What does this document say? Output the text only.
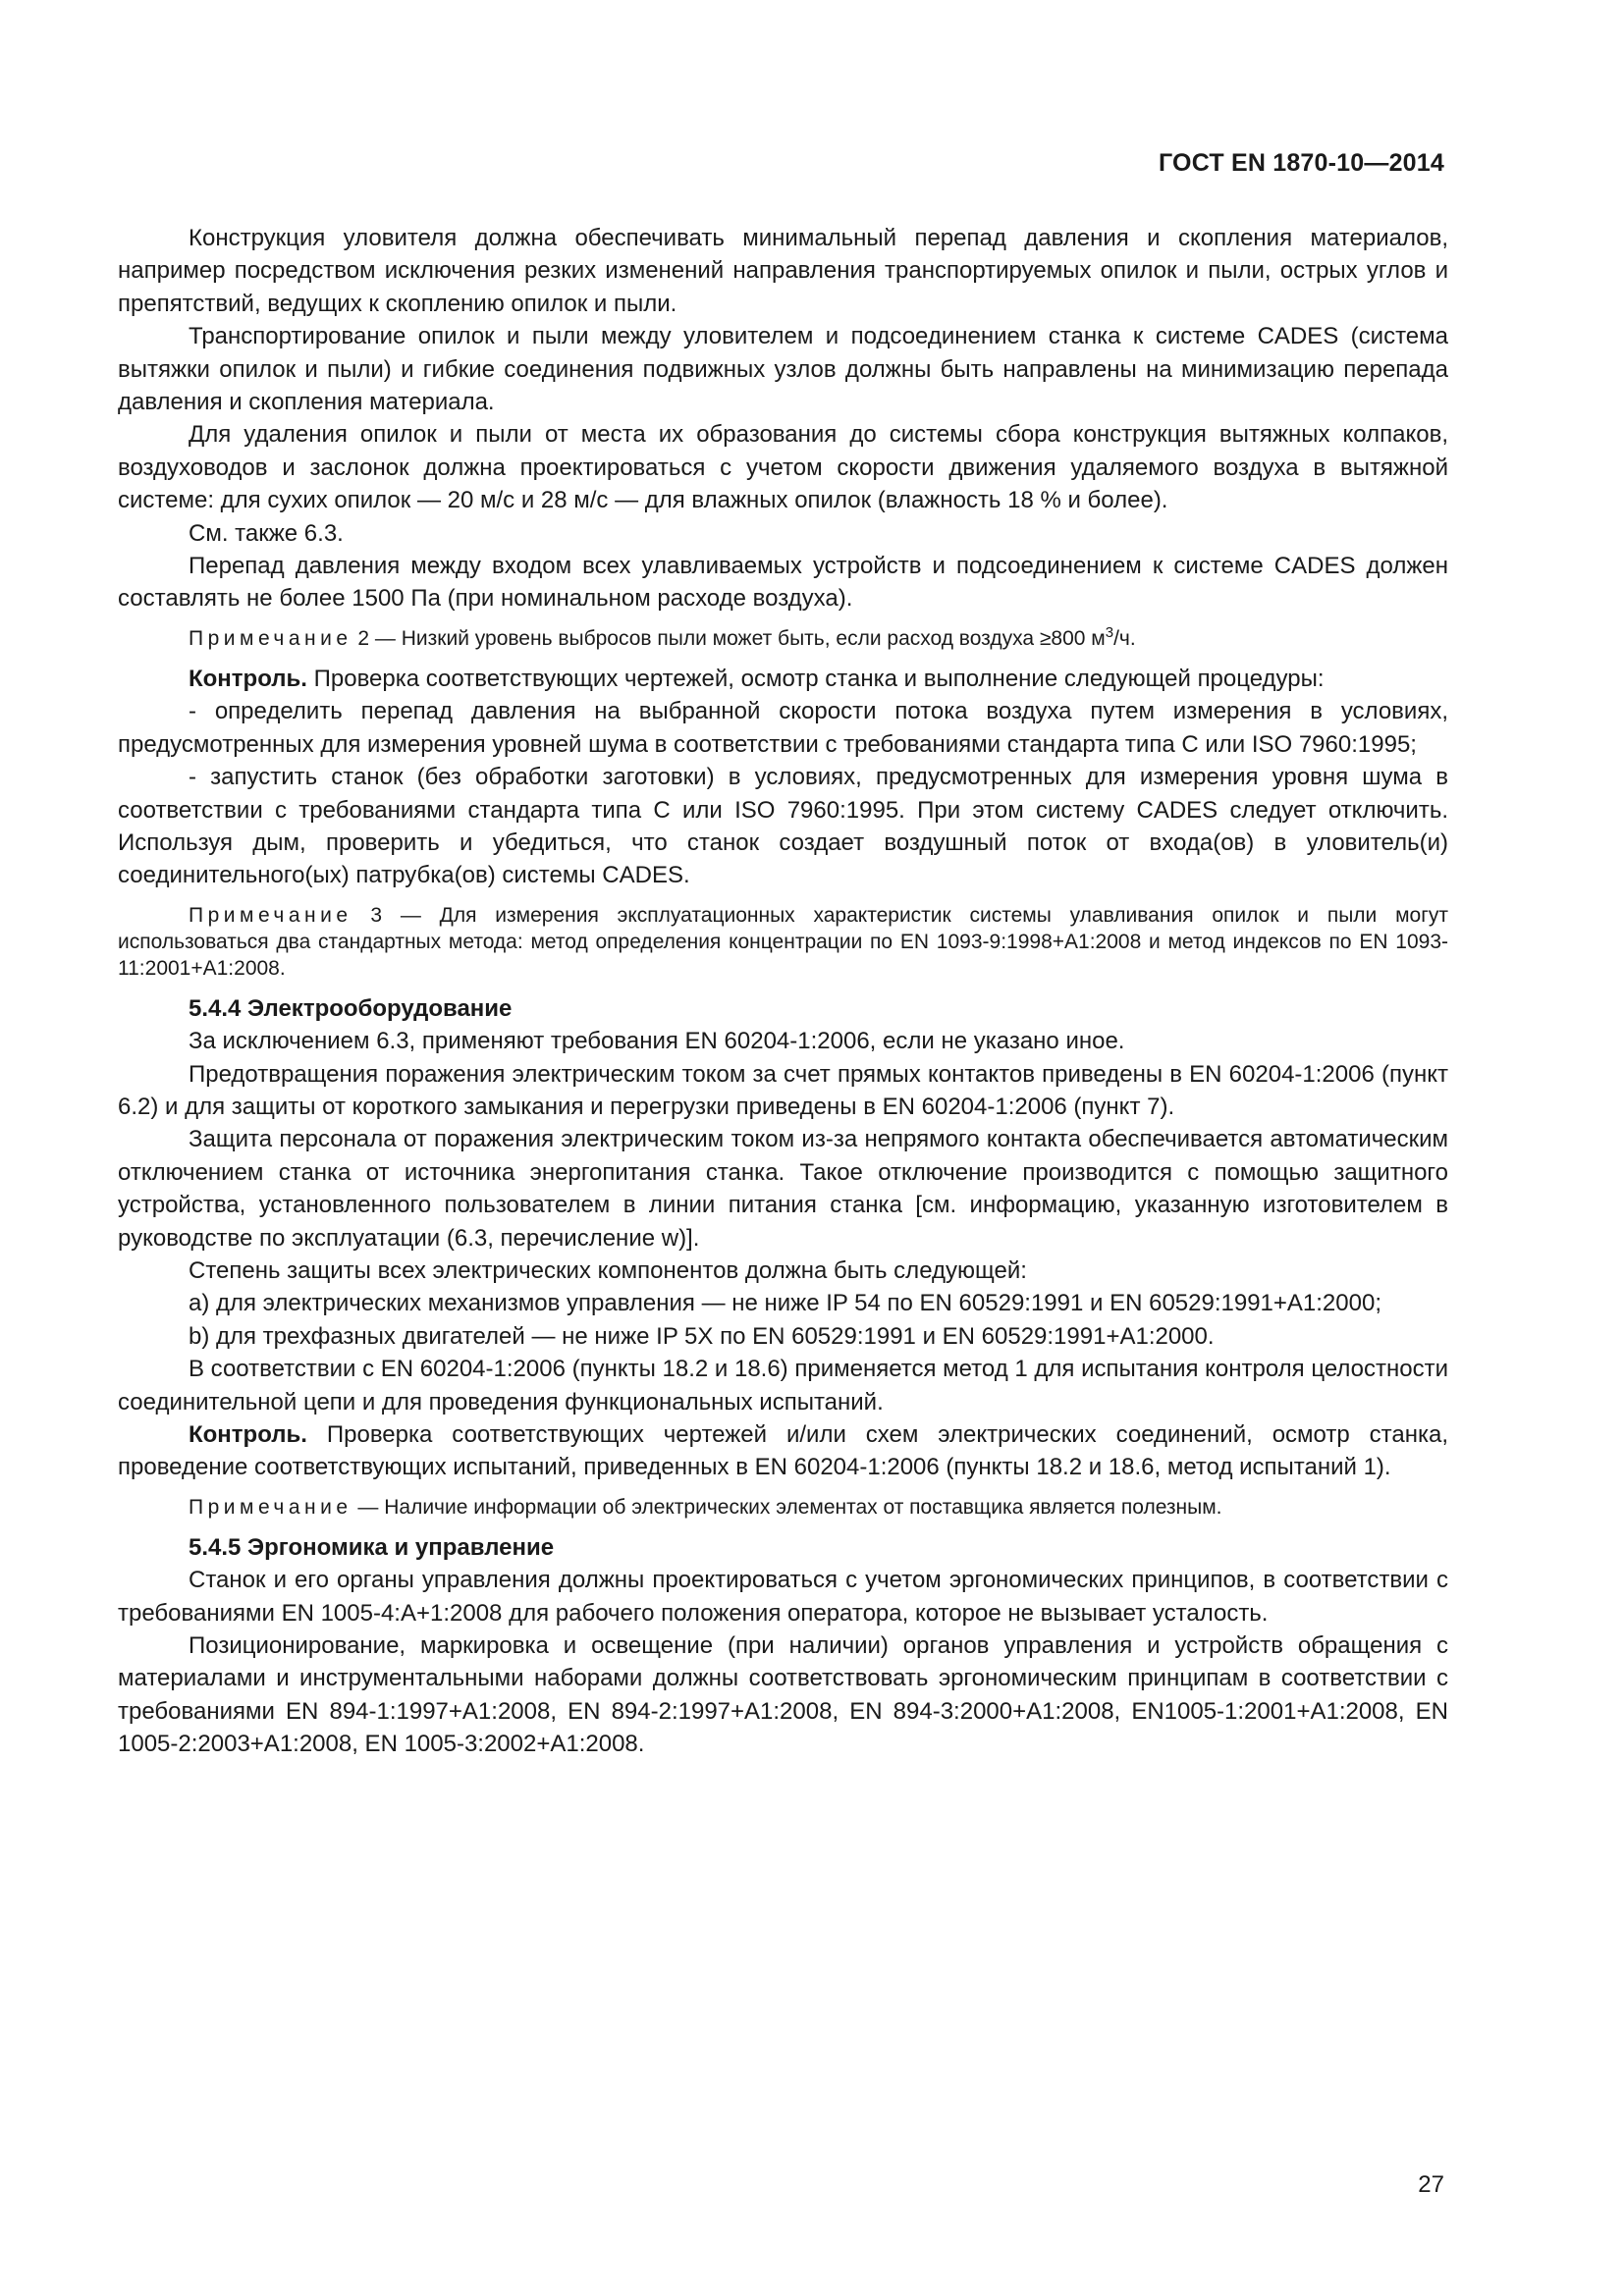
ГОСТ EN 1870-10—2014

Конструкция уловителя должна обеспечивать минимальный перепад давления и скопления материалов, например посредством исключения резких изменений направления транспортируемых опилок и пыли, острых углов и препятствий, ведущих к скоплению опилок и пыли.

Транспортирование опилок и пыли между уловителем и подсоединением станка к системе CADES (система вытяжки опилок и пыли) и гибкие соединения подвижных узлов должны быть направлены на минимизацию перепада давления и скопления материала.

Для удаления опилок и пыли от места их образования до системы сбора конструкция вытяжных колпаков, воздуховодов и заслонок должна проектироваться с учетом скорости движения удаляемого воздуха в вытяжной системе: для сухих опилок — 20 м/с и 28 м/с — для влажных опилок (влажность 18 % и более).

См. также 6.3.

Перепад давления между входом всех улавливаемых устройств и подсоединением к системе CADES должен составлять не более 1500 Па (при номинальном расходе воздуха).

Примечание 2 — Низкий уровень выбросов пыли может быть, если расход воздуха ≥800 $м^3/ч$.

Контроль. Проверка соответствующих чертежей, осмотр станка и выполнение следующей процедуры:

- определить перепад давления на выбранной скорости потока воздуха путем измерения в условиях, предусмотренных для измерения уровней шума в соответствии с требованиями стандарта типа С или ISO 7960:1995;

- запустить станок (без обработки заготовки) в условиях, предусмотренных для измерения уровня шума в соответствии с требованиями стандарта типа С или ISO 7960:1995. При этом систему CADES следует отключить. Используя дым, проверить и убедиться, что станок создает воздушный поток от входа(ов) в уловитель(и) соединительного(ых) патрубка(ов) системы CADES.

Примечание 3 — Для измерения эксплуатационных характеристик системы улавливания опилок и пыли могут использоваться два стандартных метода: метод определения концентрации по EN 1093-9:1998+А1:2008 и метод индексов по EN 1093-11:2001+А1:2008.

5.4.4 Электрооборудование

За исключением 6.3, применяют требования EN 60204-1:2006, если не указано иное.

Предотвращения поражения электрическим током за счет прямых контактов приведены в EN 60204-1:2006 (пункт 6.2) и для защиты от короткого замыкания и перегрузки приведены в EN 60204-1:2006 (пункт 7).

Защита персонала от поражения электрическим током из-за непрямого контакта обеспечивается автоматическим отключением станка от источника энергопитания станка. Такое отключение производится с помощью защитного устройства, установленного пользователем в линии питания станка [см. информацию, указанную изготовителем в руководстве по эксплуатации (6.3, перечисление w)].

Степень защиты всех электрических компонентов должна быть следующей:

а) для электрических механизмов управления — не ниже IP 54 по EN 60529:1991 и EN 60529:1991+А1:2000;

b) для трехфазных двигателей — не ниже IP 5X по EN 60529:1991 и EN 60529:1991+А1:2000.

В соответствии с EN 60204-1:2006 (пункты 18.2 и 18.6) применяется метод 1 для испытания контроля целостности соединительной цепи и для проведения функциональных испытаний.

Контроль. Проверка соответствующих чертежей и/или схем электрических соединений, осмотр станка, проведение соответствующих испытаний, приведенных в EN 60204-1:2006 (пункты 18.2 и 18.6, метод испытаний 1).

Примечание — Наличие информации об электрических элементах от поставщика является полезным.

5.4.5 Эргономика и управление

Станок и его органы управления должны проектироваться с учетом эргономических принципов, в соответствии с требованиями EN 1005-4:А+1:2008 для рабочего положения оператора, которое не вызывает усталость.

Позиционирование, маркировка и освещение (при наличии) органов управления и устройств обращения с материалами и инструментальными наборами должны соответствовать эргономическим принципам в соответствии с требованиями EN 894-1:1997+А1:2008, EN 894-2:1997+А1:2008, EN 894-3:2000+А1:2008, EN1005-1:2001+А1:2008, EN 1005-2:2003+А1:2008, EN 1005-3:2002+А1:2008.

27
